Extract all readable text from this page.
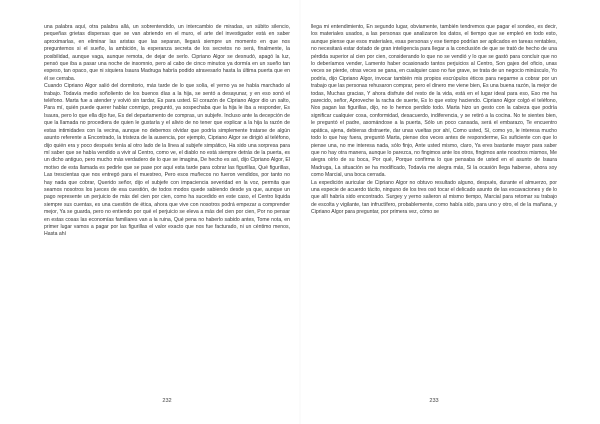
una palabra aquí, otra palabra allá, un sobrentendido, un intercambio de miradas, un súbito silencio, pequeñas grietas dispersas que se van abriendo en el muro, el arte del investigador está en saber aproximarlas, en eliminar las aristas que las separan, llegará siempre un momento en que nos preguntemos si el sueño, la ambición, la esperanza secreta de los secretos no será, finalmente, la posibilidad, aunque vaga, aunque remota, de dejar de serlo. Cipriano Algor se desnudó, apagó la luz, pensó que iba a pasar una noche de insomnio, pero al cabo de cinco minutos ya dormía en un sueño tan espeso, tan opaco, que ni siquiera Isaura Madruga habría podido atravesarlo hasta la última puerta que en él se cerraba.

Cuando Cipriano Algor salió del dormitorio, más tarde de lo que solía, el yerno ya se había marchado al trabajo. Todavía medio soñoliento de los buenos días a la hija, se sentó a desayunar, y en eso sonó el teléfono. Marta fue a atender y volvió sin tardar, Es para usted. El corazón de Cipriano Algor dio un salto, Para mí, quién puede querer hablar conmigo, preguntó, ya sospechaba que la hija le iba a responder, Es Isaura, pero lo que ella dijo fue, Es del departamento de compras, un subjefe. Incluso ante la decepción de que la llamada no procediera de quien le gustaría y el alivio de no tener que explicar a la hija la razón de estas intimidades con la vecina, aunque no debemos olvidar que podría simplemente tratarse de algún asunto referente a Encontrado, la tristeza de la ausencia, por ejemplo, Cipriano Algor se dirigió al teléfono, dijo quién era y poco después tenía al otro lado de la línea al subjefe simpático, Ha sido una sorpresa para mí saber que se había vendido a vivir al Centro, como ve, el diablo no está siempre detrás de la puerta, es un dicho antiguo, pero mucho más verdadero de lo que se imagina, De hecho es así, dijo Cipriano Algor, El motivo de esta llamada es pedirle que se pase por aquí esta tarde para cobrar las figurillas, Qué figurillas, Las trescientas que nos entregó para el muestreo, Pero esos muñecos no fueron vendidos, por tanto no hay nada que cobrar, Querido señor, dijo el subjefe con impaciencia severidad en la voz, permita que seamos nosotros los jueces de esa cuestión, de todos modos quede sabiendo desde ya que, aunque un pago represente un perjuicio de más del cien por cien, como ha sucedido en este caso, el Centro liquida siempre sus cuentas, es una cuestión de ética, ahora que vive con nosotros podrá empezar a comprender mejor, Ya se guarda, pero no entiendo por qué el perjuicio se eleva a más del cien por cien, Por no pensar en estas cosas las economías familiares van a la ruina, Qué pena no haberlo sabido antes, Tome nota, en primer lugar vamos a pagar por las figurillas el valor exacto que nos fue facturado, ni un céntimo menos, Hasta ahí

232

llega mi entendimiento, En segundo lugar, obviamente, también tendremos que pagar el sondeo, es decir, los materiales usados, a las personas que analizaron los datos, el tiempo que se empleó en todo esto, aunque piense que esos materiales, esas personas y ese tiempo podrían ser aplicados en tareas rentables, no necesitará estar dotado de gran inteligencia para llegar a la conclusión de que se trató de hecho de una pérdida superior al cien por cien, considerando lo que no se vendió y lo que se gastó para concluir que no lo deberíamos vender, Lamento haber ocasionado tantos perjuicios al Centro, Son gajes del oficio, unas veces se pierde, otras veces se gana, en cualquier caso no fue grave, se trata de un negocio minúsculo, Yo podría, dijo Cipriano Algor, invocar también mis propios escrúpulos éticos para negarme a cobrar por un trabajo que las personas rehusaron comprar, pero el dinero me viene bien, Es una buena razón, la mejor de todas, Muchas gracias, Y ahora disfrute del resto de la vida, está en el lugar ideal para eso, Eso me ha parecido, señor, Aproveche la racha de suerte, Es lo que estoy haciendo. Cipriano Algor colgó el teléfono, Nos pagan las figurillas, dijo, no lo hemos perdido todo. Marta hizo un gesto con la cabeza que podría significar cualquier cosa, conformidad, desacuerdo, indiferencia, y se retiró a la cocina. No te sientes bien, le preguntó el padre, asomándose a la puerta, Sólo un poco cansada, será el embarazo, Te encuentro apática, ajena, debieras distraerte, dar unas vueltas por ahí, Como usted, Sí, como yo, le interesa mucho todo lo que hay fuera, preguntó Marta, piense dos veces antes de responderme, Es suficiente con que lo piense una, no me interesa nada, sólo finjo, Ante usted mismo, claro, Ya eres bastante mayor para saber que no hay otra manera, aunque lo parezca, no fingimos ante los otros, fingimos ante nosotros mismos, Me alegra oírlo de su boca, Por qué, Porque confirma lo que pensaba de usted en el asunto de Isaura Madruga, La situación se ha modificado, Todavía me alegra más, Si la ocasión llega haberse, ahora soy como Marcial, una boca cerrada.

La expedición auricular de Cipriano Algor no obtuvo resultado alguno, después, durante el almuerzo, por una especie de acuerdo tácito, ninguno de los tres osó tocar el delicado asunto de las excavaciones y de lo que allí habría sido encontrado. Surgey y yerno salieron al mismo tiempo, Marcial para retomar su trabajo de escolta y vigilante, tan infructífero, probablemente, como había sido, para uno y otro, el de la mañana, y Cipriano Algor para preguntar, por primera vez, cómo se

233
